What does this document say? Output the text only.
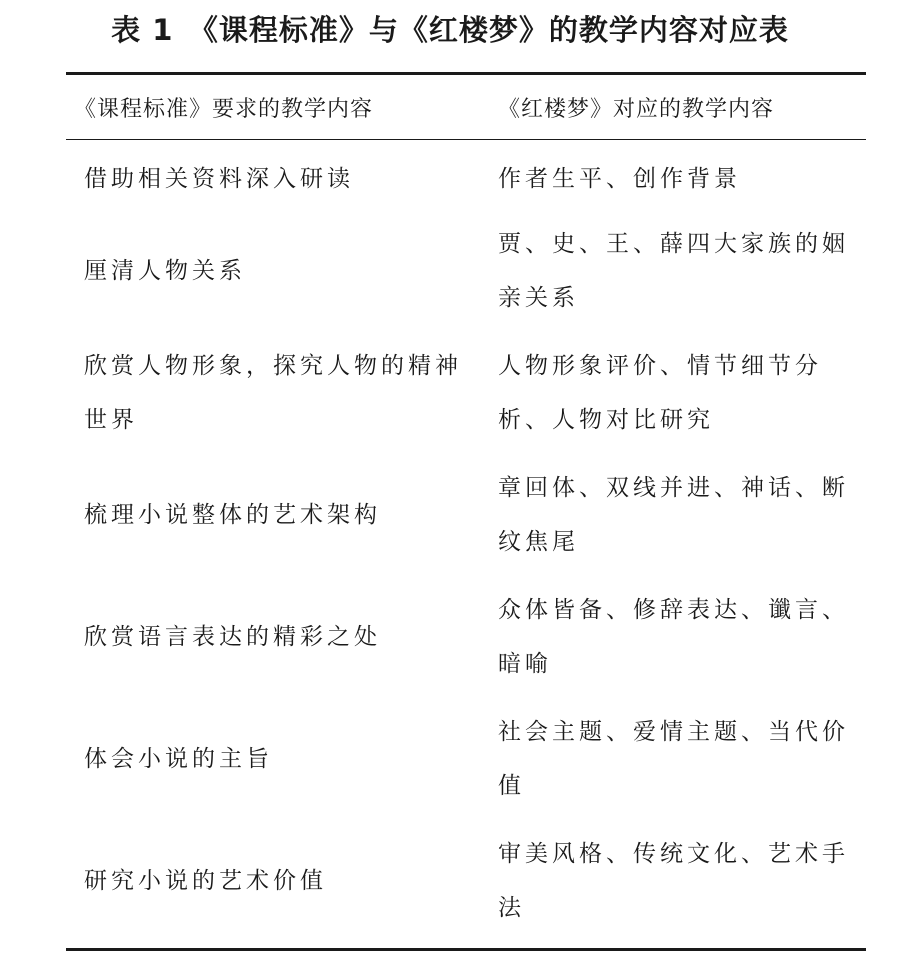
表 1　《课程标准》与《红楼梦》的教学内容对应表
《课程标准》要求的教学内容	《红楼梦》对应的教学内容
借助相关资料深入研读	作者生平、创作背景
厘清人物关系
贾、史、王、薛四大家族的姻亲关系
欣赏人物形象，探究人物的精神世界
人物形象评价、情节细节分析、人物对比研究
梳理小说整体的艺术架构
章回体、双线并进、神话、断纹焦尾
欣赏语言表达的精彩之处
众体皆备、修辞表达、谶言、暗喻
体会小说的主旨
社会主题、爱情主题、当代价值
研究小说的艺术价值
审美风格、传统文化、艺术手法
